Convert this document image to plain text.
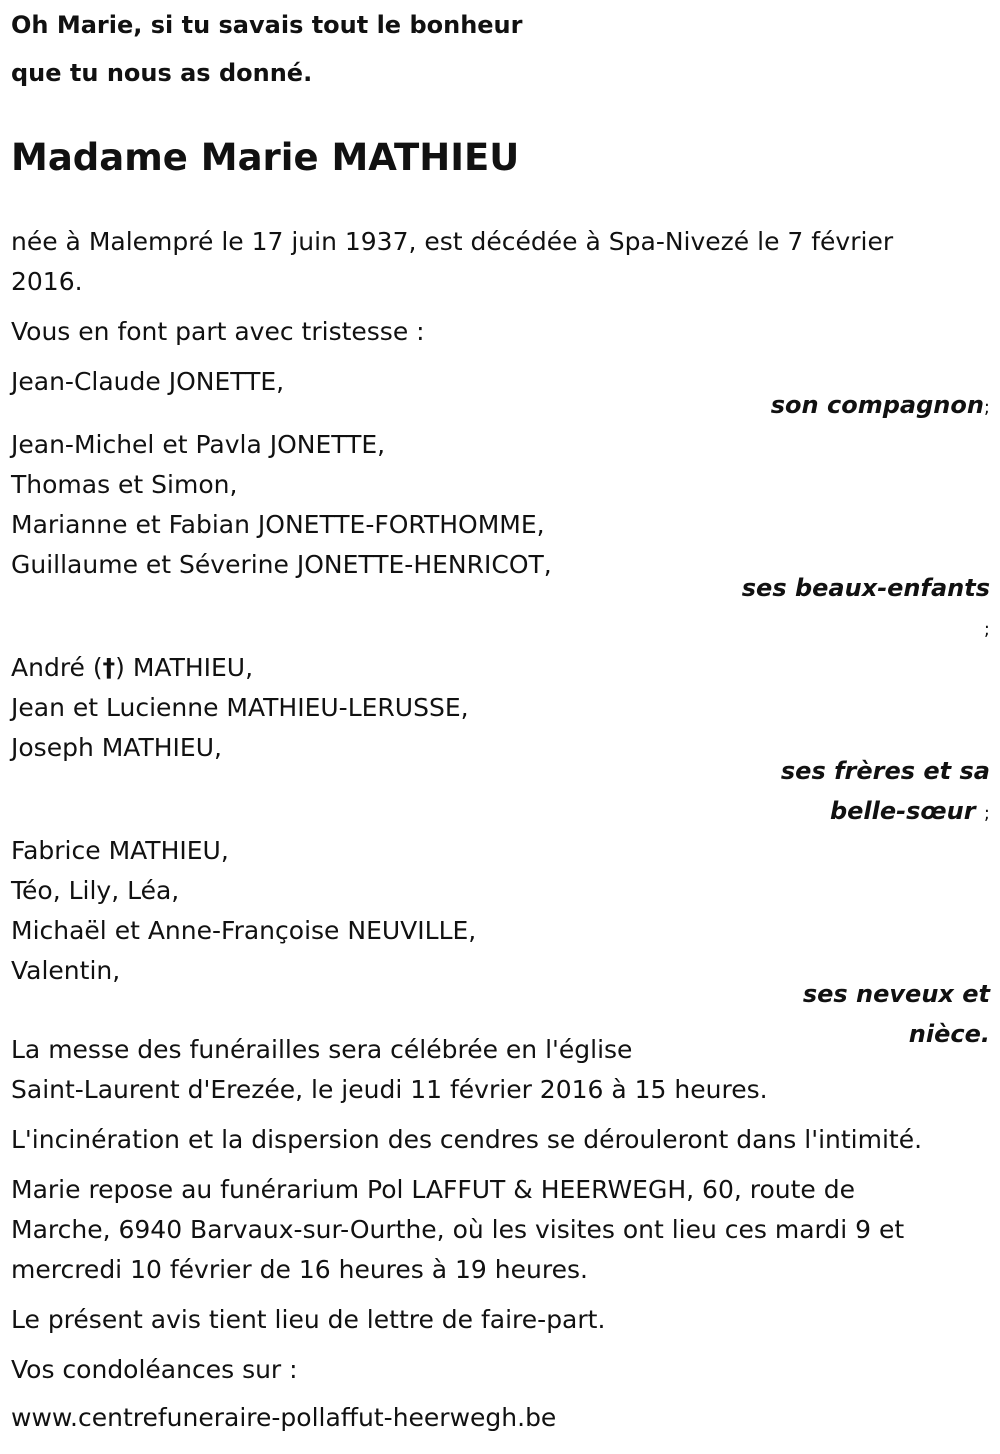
Oh Marie, si tu savais tout le bonheur
que tu nous as donné.
Madame Marie MATHIEU
née à Malempré le 17 juin 1937, est décédée à Spa-Nivezé le 7 février
2016.
Vous en font part avec tristesse :
Jean-Claude JONETTE,
son compagnon;
Jean-Michel et Pavla JONETTE,
Thomas et Simon,
Marianne et Fabian JONETTE-FORTHOMME,
Guillaume et Séverine JONETTE-HENRICOT,
ses beaux-enfants
;
André (†) MATHIEU,
Jean et Lucienne MATHIEU-LERUSSE,
Joseph MATHIEU,
ses frères et sa
belle-sœur ;
Fabrice MATHIEU,
Téo, Lily, Léa,
Michaël et Anne-Françoise NEUVILLE,
Valentin,
ses neveux et
nièce.
La messe des funérailles sera célébrée en l'église
Saint-Laurent d'Erezée, le jeudi 11 février 2016 à 15 heures.
L'incinération et la dispersion des cendres se dérouleront dans l'intimité.
Marie repose au funérarium Pol LAFFUT & HEERWEGH, 60, route de
Marche, 6940 Barvaux-sur-Ourthe, où les visites ont lieu ces mardi 9 et
mercredi 10 février de 16 heures à 19 heures.
Le présent avis tient lieu de lettre de faire-part.
Vos condoléances sur :
www.centrefuneraire-pollaffut-heerwegh.be
